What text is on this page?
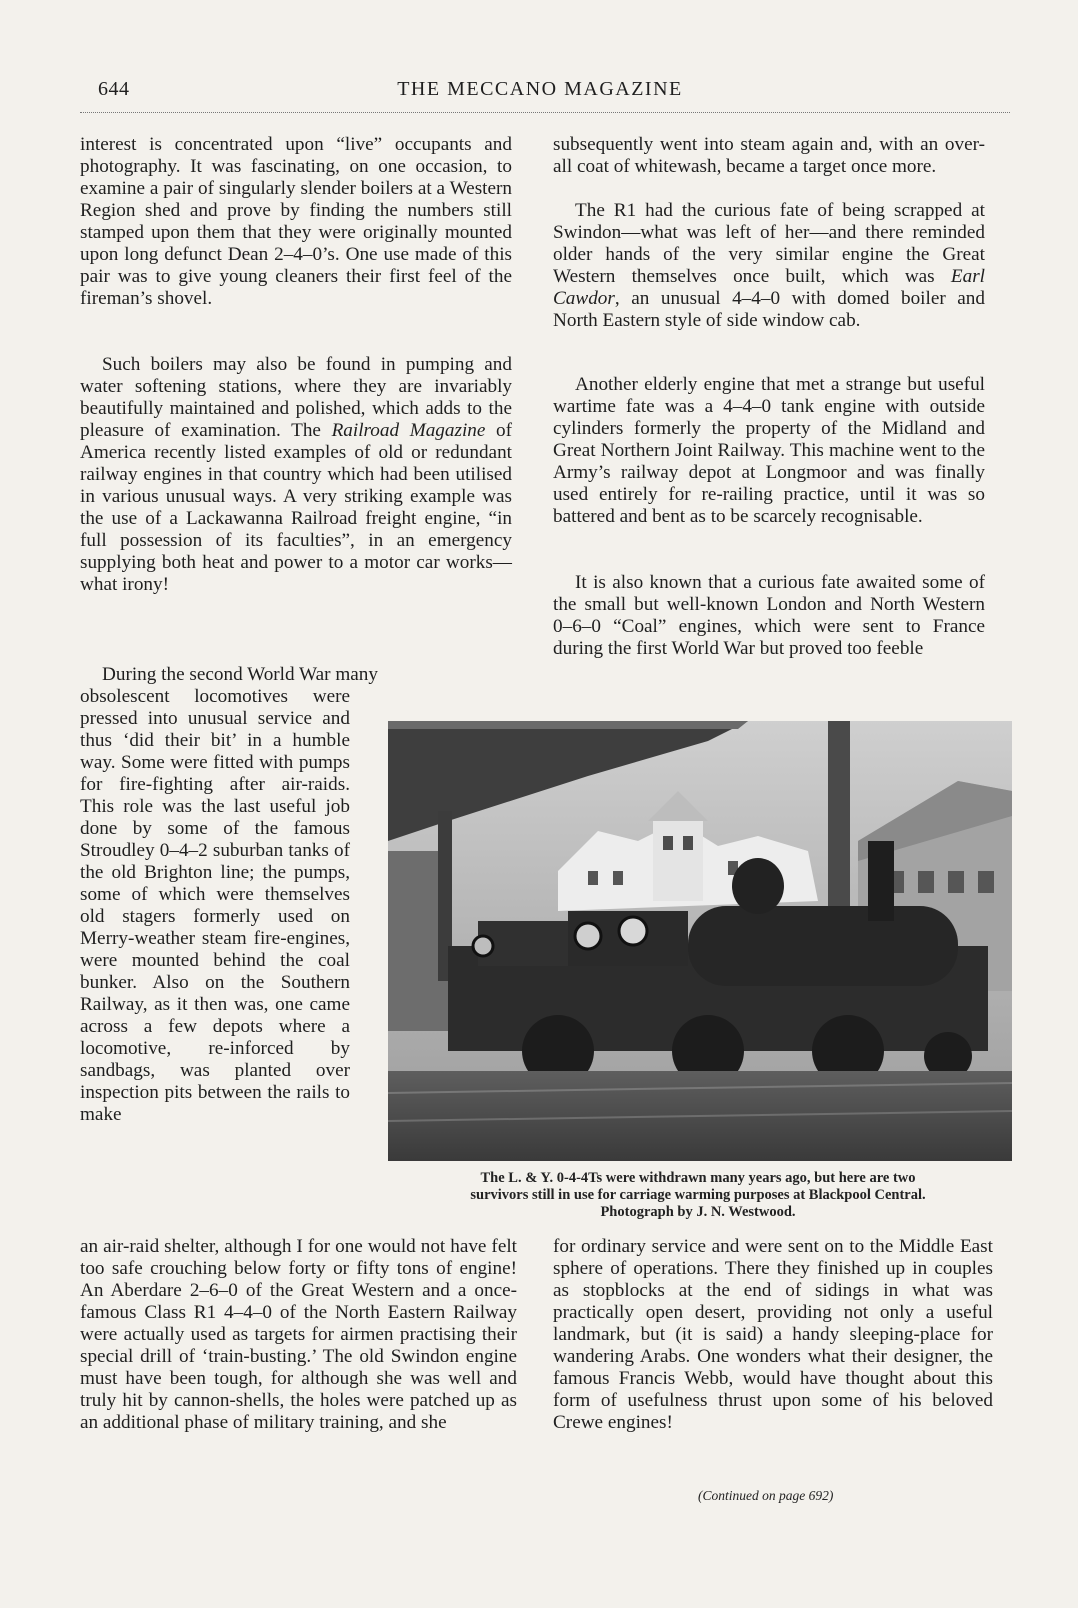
644	THE MECCANO MAGAZINE

interest is concentrated upon “live” occupants and photography. It was fascinating, on one occasion, to examine a pair of singularly slender boilers at a Western Region shed and prove by finding the numbers still stamped upon them that they were originally mounted upon long defunct Dean 2–4–0’s. One use made of this pair was to give young cleaners their first feel of the fireman’s shovel.

Such boilers may also be found in pumping and water softening stations, where they are invariably beautifully maintained and polished, which adds to the pleasure of examination. The Railroad Magazine of America recently listed examples of old or redundant railway engines in that country which had been utilised in various unusual ways. A very striking example was the use of a Lackawanna Railroad freight engine, “in full possession of its faculties”, in an emergency supplying both heat and power to a motor car works—what irony!

During the second World War many

obsolescent locomotives were pressed into unusual service and thus ‘did their bit’ in a humble way. Some were fitted with pumps for fire-fighting after air-raids. This role was the last useful job done by some of the famous Stroudley 0–4–2 suburban tanks of the old Brighton line; the pumps, some of which were themselves old stagers formerly used on Merry-weather steam fire-engines, were mounted behind the coal bunker. Also on the Southern Railway, as it then was, one came across a few depots where a locomotive, re-inforced by sandbags, was planted over inspection pits between the rails to make

an air-raid shelter, although I for one would not have felt too safe crouching below forty or fifty tons of engine! An Aberdare 2–6–0 of the Great Western and a once-famous Class R1 4–4–0 of the North Eastern Railway were actually used as targets for airmen practising their special drill of ‘train-busting.’ The old Swindon engine must have been tough, for although she was well and truly hit by cannon-shells, the holes were patched up as an additional phase of military training, and she

subsequently went into steam again and, with an over-all coat of whitewash, became a target once more.

The R1 had the curious fate of being scrapped at Swindon—what was left of her—and there reminded older hands of the very similar engine the Great Western themselves once built, which was Earl Cawdor, an unusual 4–4–0 with domed boiler and North Eastern style of side window cab.

Another elderly engine that met a strange but useful wartime fate was a 4–4–0 tank engine with outside cylinders formerly the property of the Midland and Great Northern Joint Railway. This machine went to the Army’s railway depot at Longmoor and was finally used entirely for re-railing practice, until it was so battered and bent as to be scarcely recognisable.

It is also known that a curious fate awaited some of the small but well-known London and North Western 0–6–0 “Coal” engines, which were sent to France during the first World War but proved too feeble

for ordinary service and were sent on to the Middle East sphere of operations. There they finished up in couples as stopblocks at the end of sidings in what was practically open desert, providing not only a useful landmark, but (it is said) a handy sleeping-place for wandering Arabs. One wonders what their designer, the famous Francis Webb, would have thought about this form of usefulness thrust upon some of his beloved Crewe engines!

The L. & Y. 0-4-4Ts were withdrawn many years ago, but here are two
survivors still in use for carriage warming purposes at Blackpool Central.
Photograph by J. N. Westwood.
(Continued on page 692)
